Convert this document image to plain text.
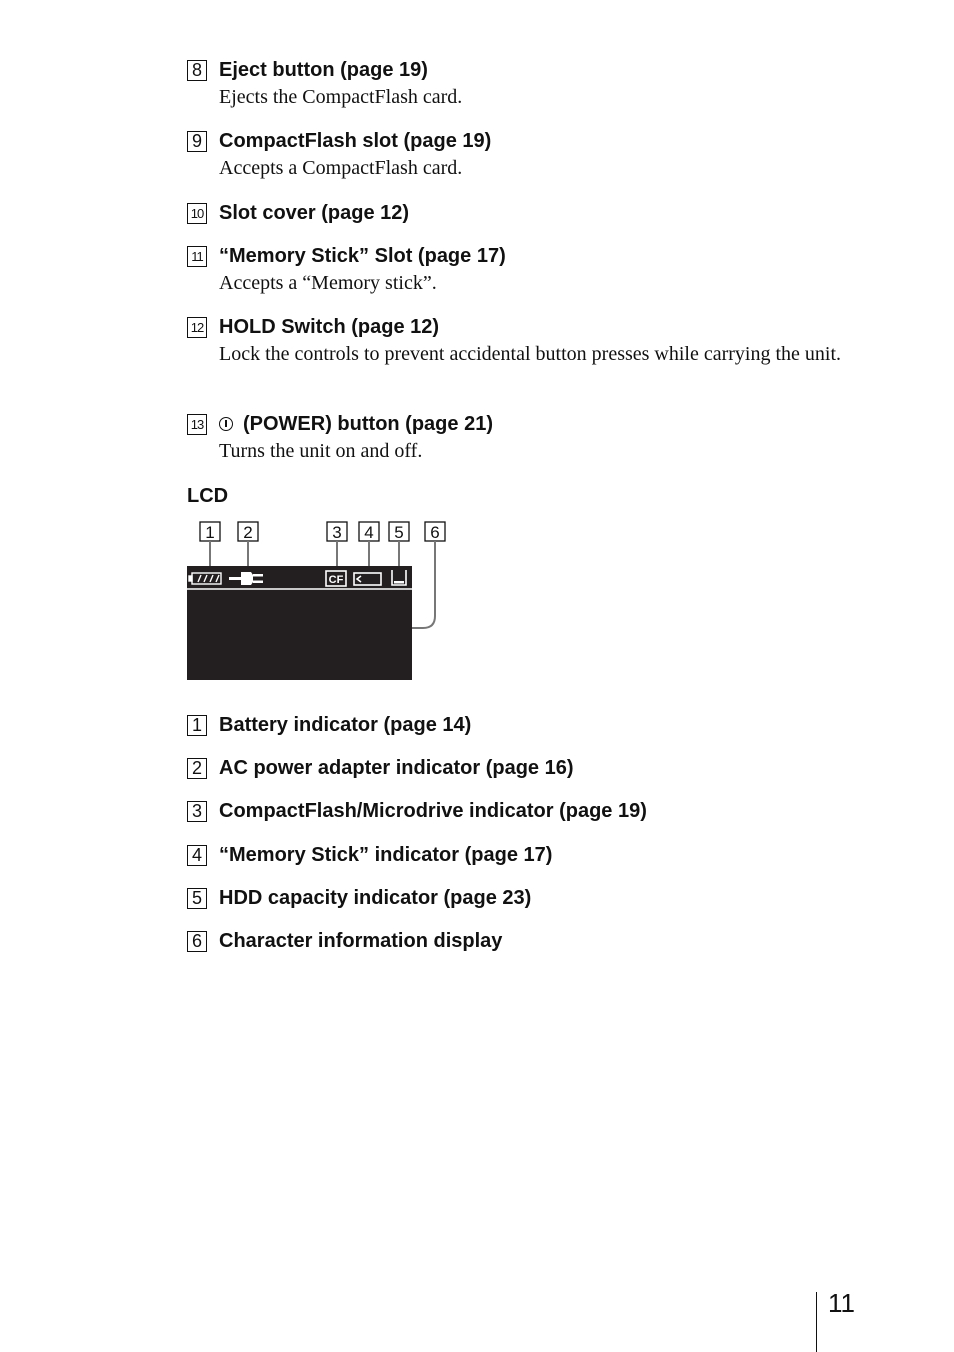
8 Eject button (page 19)
Ejects the CompactFlash card.
9 CompactFlash slot (page 19)
Accepts a CompactFlash card.
10 Slot cover (page 12)
11 “Memory Stick” Slot (page 17)
Accepts a “Memory stick”.
12 HOLD Switch (page 12)
Lock the controls to prevent accidental button presses while carrying the unit.
13 (POWER) button (page 21)
Turns the unit on and off.
LCD
1 2	3 4 5 6
CF
1 Battery indicator (page 14)
2 AC power adapter indicator (page 16)
3 CompactFlash/Microdrive indicator (page 19)
4 “Memory Stick” indicator (page 17)
5 HDD capacity indicator (page 23)
6 Character information display
11
